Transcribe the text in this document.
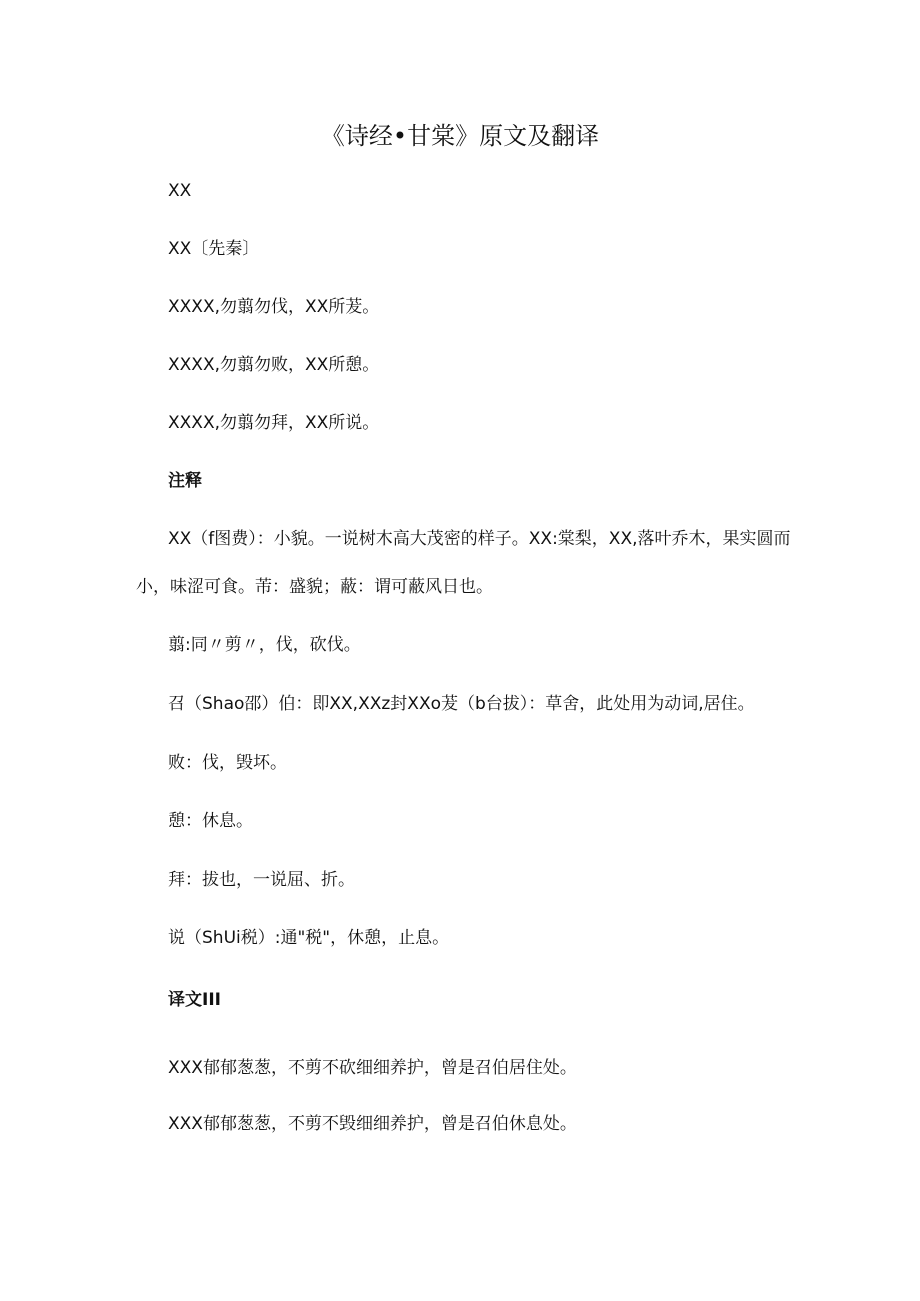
《诗经•甘棠》原文及翻译
XX
XX〔先秦〕
XXXX,勿翦勿伐，XX所茇。
XXXX,勿翦勿败，XX所憩。
XXXX,勿翦勿拜，XX所说。
注释
XX（f图费）：小貌。一说树木高大茂密的样子。XX:棠梨，XX,落叶乔木，果实圆而
小，味涩可食。芾：盛貌；蔽：谓可蔽风日也。
翦:同〃剪〃，伐，砍伐。
召（Shao邵）伯：即XX,XXz封XXo茇（b台拔）：草舍，此处用为动词,居住。
败：伐，毁坏。
憩：休息。
拜：拔也，一说屈、折。
说（ShUi税）:通"税"，休憩，止息。
译文III
XXX郁郁葱葱，不剪不砍细细养护，曾是召伯居住处。
XXX郁郁葱葱，不剪不毁细细养护，曾是召伯休息处。
